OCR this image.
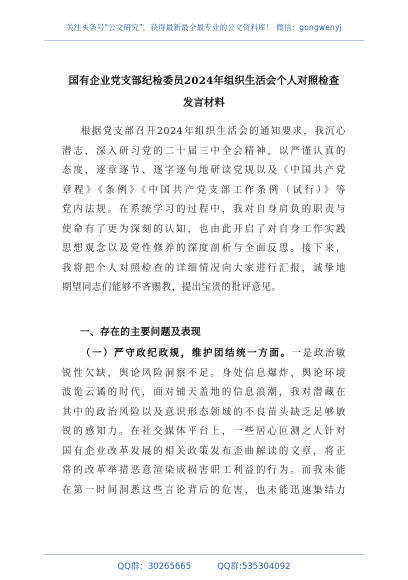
关注头条号"公文研究"，获得最新最全最专业的公文资料库！ 微信：gongwenyj
国有企业党支部纪检委员2024年组织生活会个人对照检查
发言材料
根据党支部召开2024年组织生活会的通知要求，我沉心
潜志，深入研习党的二十届三中全会精神，以严谨认真的
态度，逐章逐节、逐字逐句地研读党规以及《中国共产党
章程》《条例》《中国共产党支部工作条例（试行）》等
党内法规。在系统学习的过程中，我对自身肩负的职责与
使命有了更为深刻的认知，也由此开启了对自身工作实践
思想观念以及党性修养的深度剖析与全面反思。接下来，
我将把个人对照检查的详细情况向大家进行汇报，诚挚地
期望同志们能够不吝赐教，提出宝贵的批评意见。
一、存在的主要问题及表现
（一）严守政纪政规，维护团结统一方面。一是政治敏
锐性欠缺，舆论风险洞察不足。身处信息爆炸、舆论环境
波诡云谲的时代，面对铺天盖地的信息浪潮，我对潜藏在
其中的政治风险以及意识形态领域的不良苗头缺乏足够敏
锐的感知力。在社交媒体平台上，一些居心叵测之人针对
国有企业改革发展的相关政策发布歪曲解读的文章，将正
常的改革举措恶意渲染成损害职工利益的行为。而我未能
在第一时间洞悉这些言论背后的危害，也未能迅速集结力
QQ群：30265665	QQ群:535304092
